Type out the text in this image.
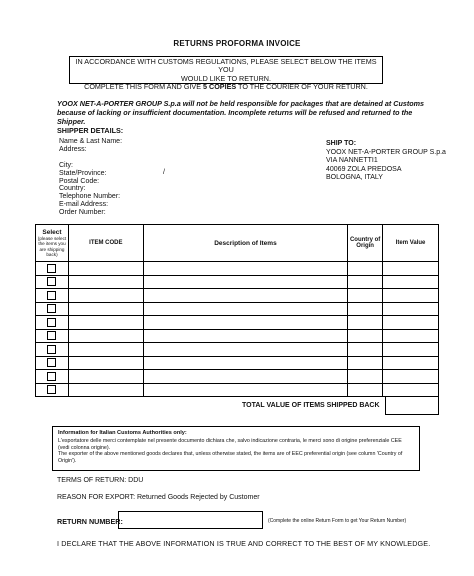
RETURNS PROFORMA INVOICE
IN ACCORDANCE WITH CUSTOMS REGULATIONS, PLEASE SELECT BELOW THE ITEMS YOU
WOULD LIKE TO RETURN.
COMPLETE THIS FORM AND GIVE 5 COPIES TO THE COURIER OF YOUR RETURN.
YOOX NET-A-PORTER GROUP S.p.a will not be held responsible for packages that are detained at Customs because of lacking or insufficient documentation. Incomplete returns will be refused and returned to the Shipper.
SHIPPER DETAILS:
Name & Last Name:
Address:

City:
State/Province:
Postal Code:
Country:
Telephone Number:
E-mail Address:
Order Number:
/
SHIP TO:
YOOX NET-A-PORTER GROUP S.p.a
VIA NANNETTI1
40069 ZOLA PREDOSA
BOLOGNA, ITALY
Select
(please select the items you are shipping back)	ITEM CODE	Description of Items	Country of Origin	Item Value

TOTAL VALUE OF ITEMS SHIPPED BACK
Information for Italian Customs Authorities only:
L'esportatore delle merci contemplate nel presente documento dichiara che, salvo indicazione contraria, le merci sono di origine preferenziale CEE (vedi colonna origine).
The exporter of the above mentioned goods declares that, unless otherwise stated, the items are of EEC preferential origin (see column 'Country of Origin').
TERMS OF RETURN: DDU
REASON FOR EXPORT: Returned Goods Rejected by Customer
RETURN NUMBER:	(Complete the online Return Form to get Your Return Number)
I DECLARE THAT THE ABOVE INFORMATION IS TRUE AND CORRECT TO THE BEST OF MY KNOWLEDGE.
